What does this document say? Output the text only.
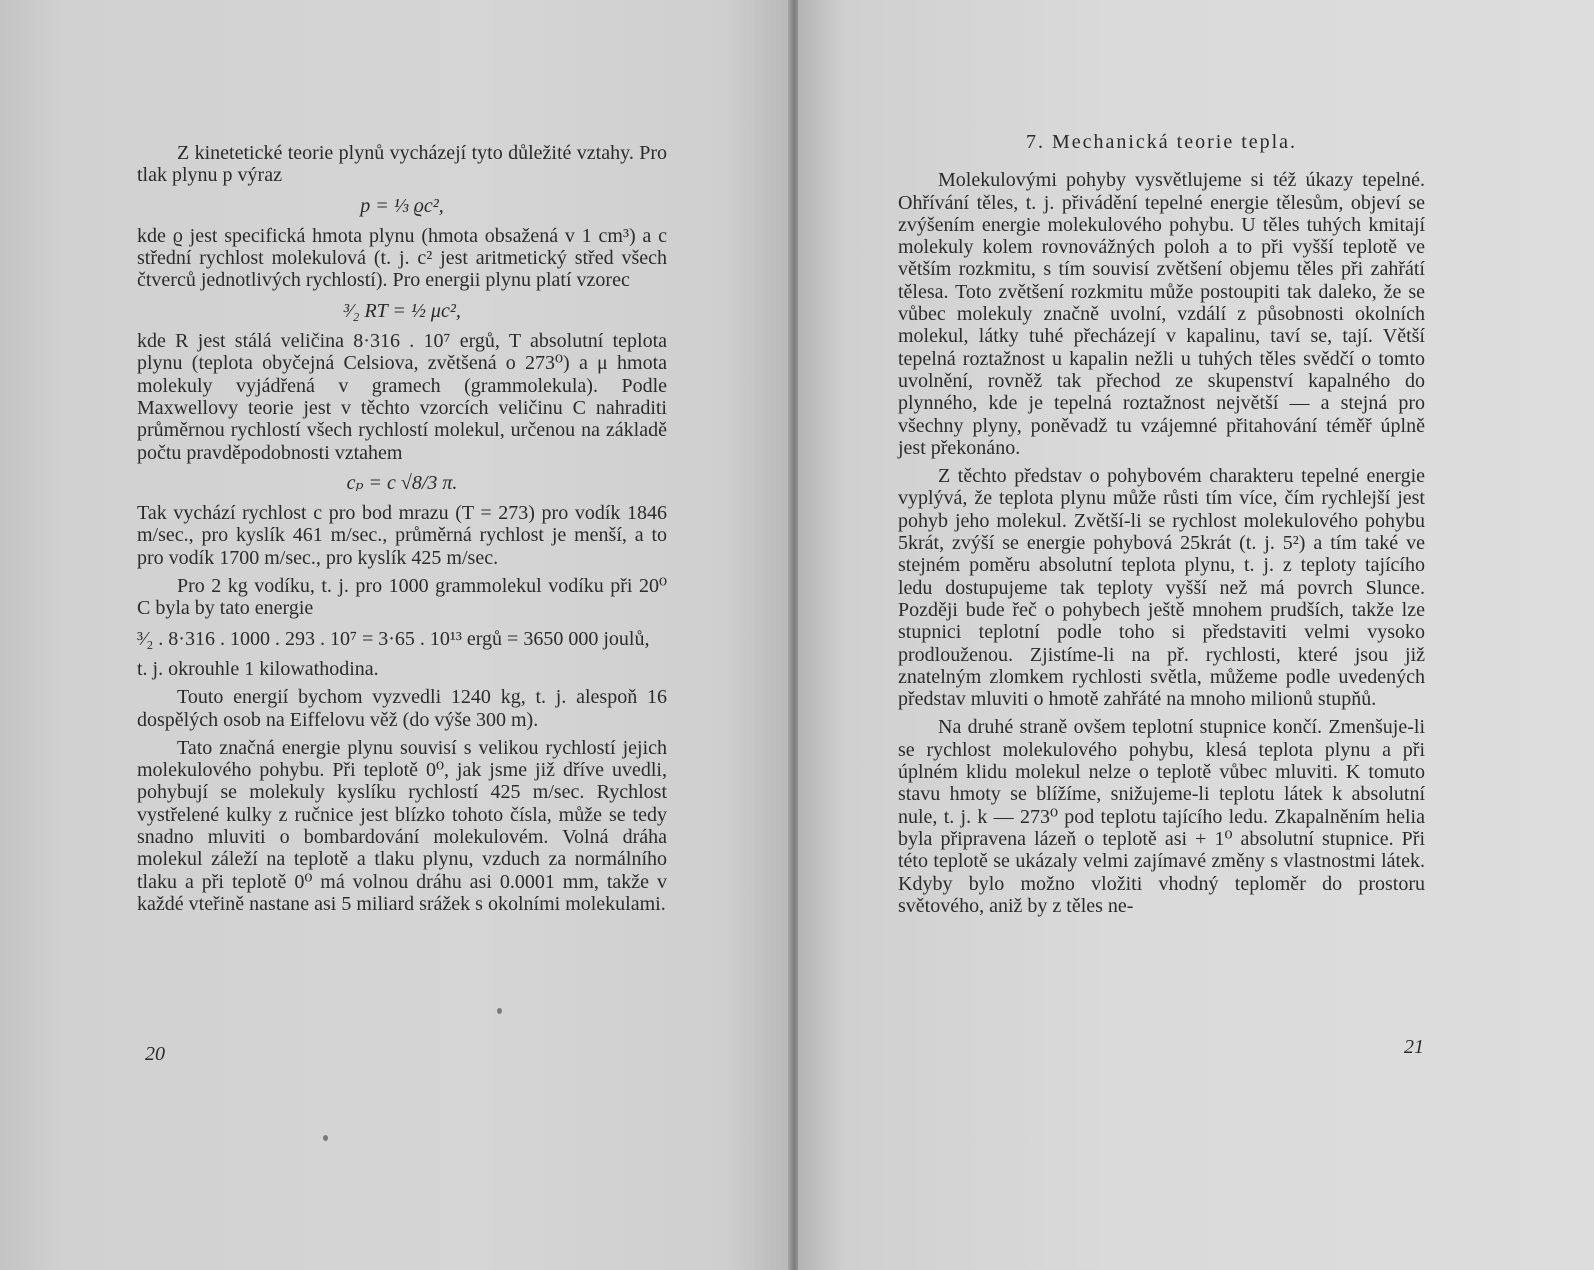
Z kinetetické teorie plynů vycházejí tyto důležité vztahy. Pro tlak plynu p výraz

p = ⅓ ϱc²,

kde ϱ jest specifická hmota plynu (hmota obsažená v 1 cm³) a c střední rychlost molekulová (t. j. c² jest aritmetický střed všech čtverců jednotlivých rychlostí). Pro energii plynu platí vzorec

³⁄₂ RT = ½ μc²,

kde R jest stálá veličina 8·316 . 10⁷ ergů, T absolutní teplota plynu (teplota obyčejná Celsiova, zvětšená o 273⁰) a μ hmota molekuly vyjádřená v gramech (grammolekula). Podle Maxwellovy teorie jest v těchto vzorcích veličinu C nahraditi průměrnou rychlostí všech rychlostí molekul, určenou na základě počtu pravděpodobnosti vztahem

cₚ = c √8/3 π.

Tak vychází rychlost c pro bod mrazu (T = 273) pro vodík 1846 m/sec., pro kyslík 461 m/sec., průměrná rychlost je menší, a to pro vodík 1700 m/sec., pro kyslík 425 m/sec.

Pro 2 kg vodíku, t. j. pro 1000 grammolekul vodíku při 20⁰ C byla by tato energie

³⁄₂ . 8·316 . 1000 . 293 . 10⁷ = 3·65 . 10¹³ ergů = 3650 000 joulů,

t. j. okrouhle 1 kilowathodina.

Touto energií bychom vyzvedli 1240 kg, t. j. alespoň 16 dospělých osob na Eiffelovu věž (do výše 300 m).

Tato značná energie plynu souvisí s velikou rychlostí jejich molekulového pohybu. Při teplotě 0⁰, jak jsme již dříve uvedli, pohybují se molekuly kyslíku rychlostí 425 m/sec. Rychlost vystřelené kulky z ručnice jest blízko tohoto čísla, může se tedy snadno mluviti o bombardování molekulovém. Volná dráha molekul záleží na teplotě a tlaku plynu, vzduch za normálního tlaku a při teplotě 0⁰ má volnou dráhu asi 0.0001 mm, takže v každé vteřině nastane asi 5 miliard srážek s okolními molekulami.

20

7. Mechanická teorie tepla.

Molekulovými pohyby vysvětlujeme si též úkazy tepelné. Ohřívání těles, t. j. přivádění tepelné energie tělesům, objeví se zvýšením energie molekulového pohybu. U těles tuhých kmitají molekuly kolem rovnovážných poloh a to při vyšší teplotě ve větším rozkmitu, s tím souvisí zvětšení objemu těles při zahřátí tělesa. Toto zvětšení rozkmitu může postoupiti tak daleko, že se vůbec molekuly značně uvolní, vzdálí z působnosti okolních molekul, látky tuhé přecházejí v kapalinu, taví se, tají. Větší tepelná roztažnost u kapalin nežli u tuhých těles svědčí o tomto uvolnění, rovněž tak přechod ze skupenství kapalného do plynného, kde je tepelná roztažnost největší — a stejná pro všechny plyny, poněvadž tu vzájemné přitahování téměř úplně jest překonáno.

Z těchto představ o pohybovém charakteru tepelné energie vyplývá, že teplota plynu může růsti tím více, čím rychlejší jest pohyb jeho molekul. Zvětší-li se rychlost molekulového pohybu 5krát, zvýší se energie pohybová 25krát (t. j. 5²) a tím také ve stejném poměru absolutní teplota plynu, t. j. z teploty tajícího ledu dostupujeme tak teploty vyšší než má povrch Slunce. Později bude řeč o pohybech ještě mnohem prudších, takže lze stupnici teplotní podle toho si představiti velmi vysoko prodlouženou. Zjistíme-li na př. rychlosti, které jsou již znatelným zlomkem rychlosti světla, můžeme podle uvedených představ mluviti o hmotě zahřáté na mnoho milionů stupňů.

Na druhé straně ovšem teplotní stupnice končí. Zmenšuje-li se rychlost molekulového pohybu, klesá teplota plynu a při úplném klidu molekul nelze o teplotě vůbec mluviti. K tomuto stavu hmoty se blížíme, snižujeme-li teplotu látek k absolutní nule, t. j. k — 273⁰ pod teplotu tajícího ledu. Zkapalněním helia byla připravena lázeň o teplotě asi + 1⁰ absolutní stupnice. Při této teplotě se ukázaly velmi zajímavé změny s vlastnostmi látek. Kdyby bylo možno vložiti vhodný teploměr do prostoru světového, aniž by z těles ne-

21
